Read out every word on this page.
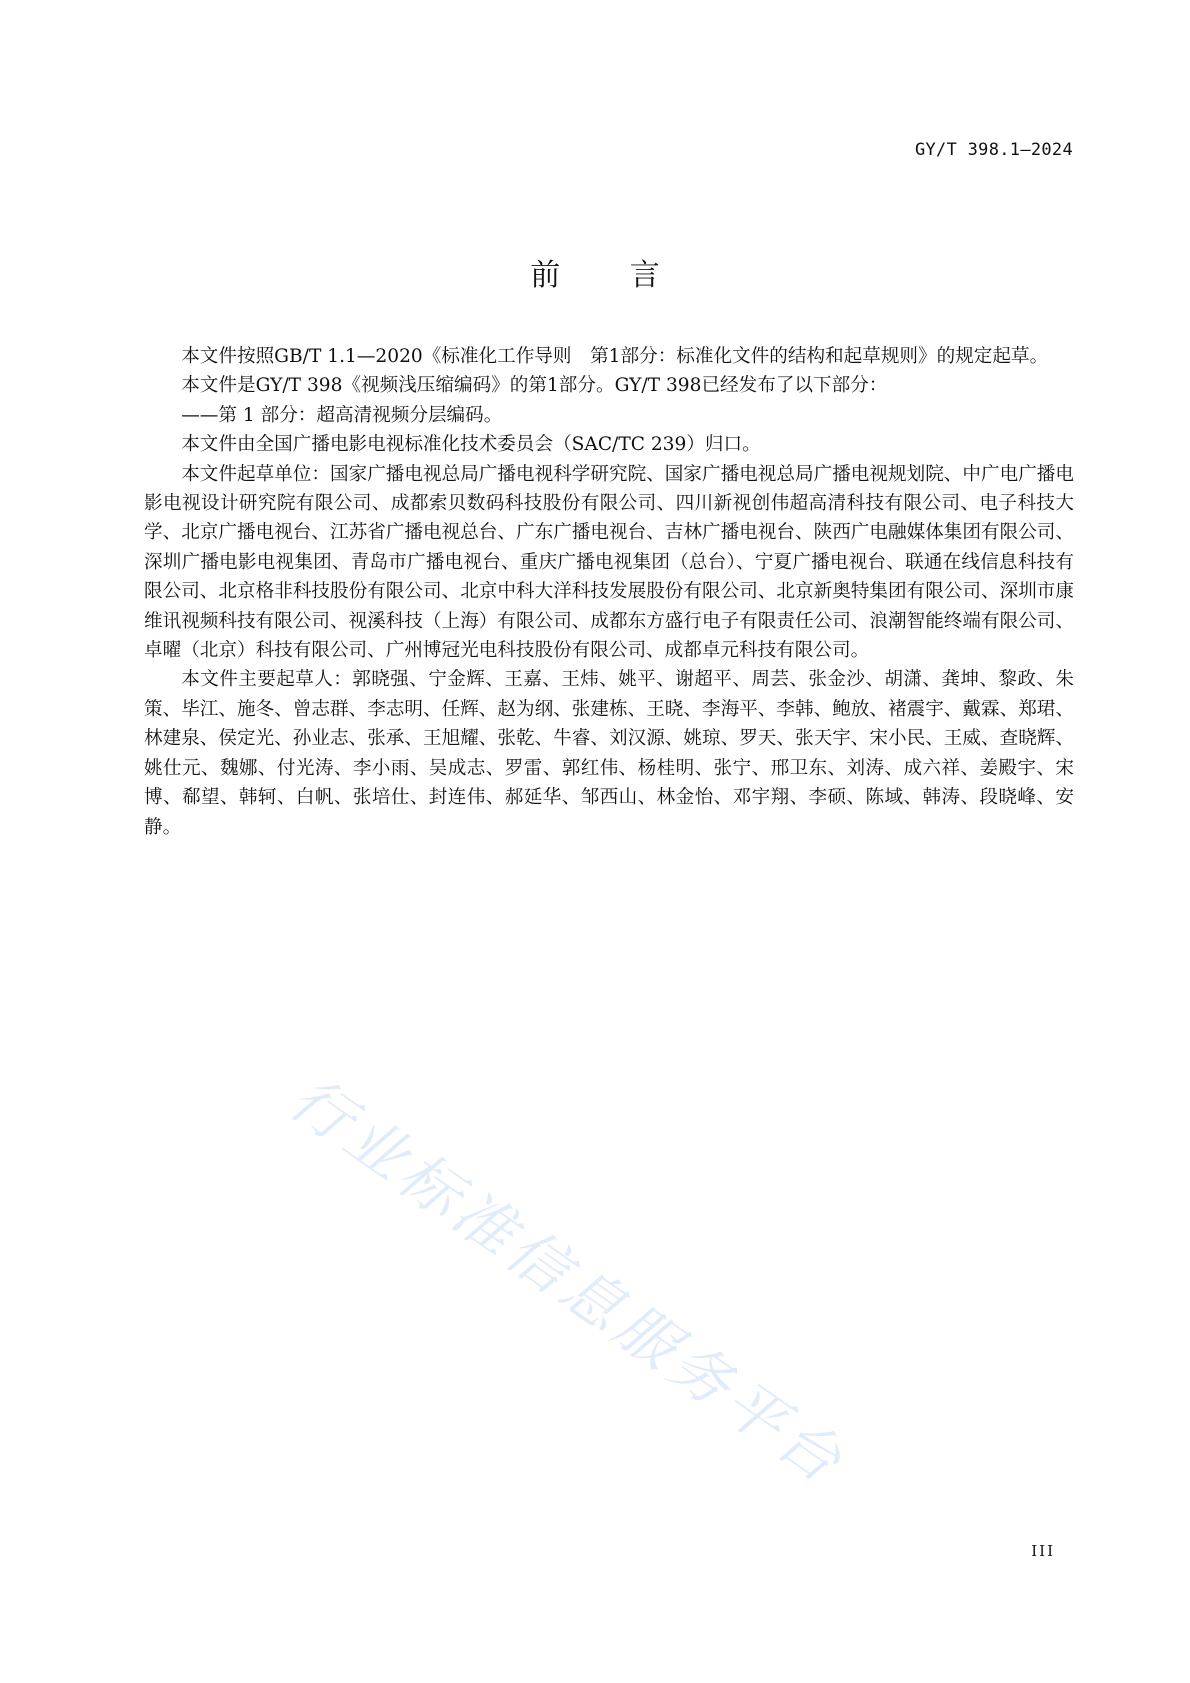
GY/T 398.1—2024
前 言

本文件按照GB/T 1.1—2020《标准化工作导则　第1部分：标准化文件的结构和起草规则》的规定起草。

本文件是GY/T 398《视频浅压缩编码》的第1部分。GY/T 398已经发布了以下部分：

——第 1 部分：超高清视频分层编码。

本文件由全国广播电影电视标准化技术委员会（SAC/TC 239）归口。

本文件起草单位：国家广播电视总局广播电视科学研究院、国家广播电视总局广播电视规划院、中广电广播电影电视设计研究院有限公司、成都索贝数码科技股份有限公司、四川新视创伟超高清科技有限公司、电子科技大学、北京广播电视台、江苏省广播电视总台、广东广播电视台、吉林广播电视台、陕西广电融媒体集团有限公司、深圳广播电影电视集团、青岛市广播电视台、重庆广播电视集团（总台）、宁夏广播电视台、联通在线信息科技有限公司、北京格非科技股份有限公司、北京中科大洋科技发展股份有限公司、北京新奥特集团有限公司、深圳市康维讯视频科技有限公司、视溪科技（上海）有限公司、成都东方盛行电子有限责任公司、浪潮智能终端有限公司、卓曜（北京）科技有限公司、广州博冠光电科技股份有限公司、成都卓元科技有限公司。

本文件主要起草人：郭晓强、宁金辉、王嘉、王炜、姚平、谢超平、周芸、张金沙、胡潇、龚坤、黎政、朱策、毕江、施冬、曾志群、李志明、任辉、赵为纲、张建栋、王晓、李海平、李韩、鲍放、褚震宇、戴霖、郑珺、林建泉、侯定光、孙业志、张承、王旭耀、张乾、牛睿、刘汉源、姚琼、罗天、张天宇、宋小民、王威、查晓辉、姚仕元、魏娜、付光涛、李小雨、吴成志、罗雷、郭红伟、杨桂明、张宁、邢卫东、刘涛、成六祥、姜殿宇、宋博、郗望、韩轲、白帆、张培仕、封连伟、郝延华、邹西山、林金怡、邓宇翔、李硕、陈域、韩涛、段晓峰、安静。

行业标准信息服务平台
III
